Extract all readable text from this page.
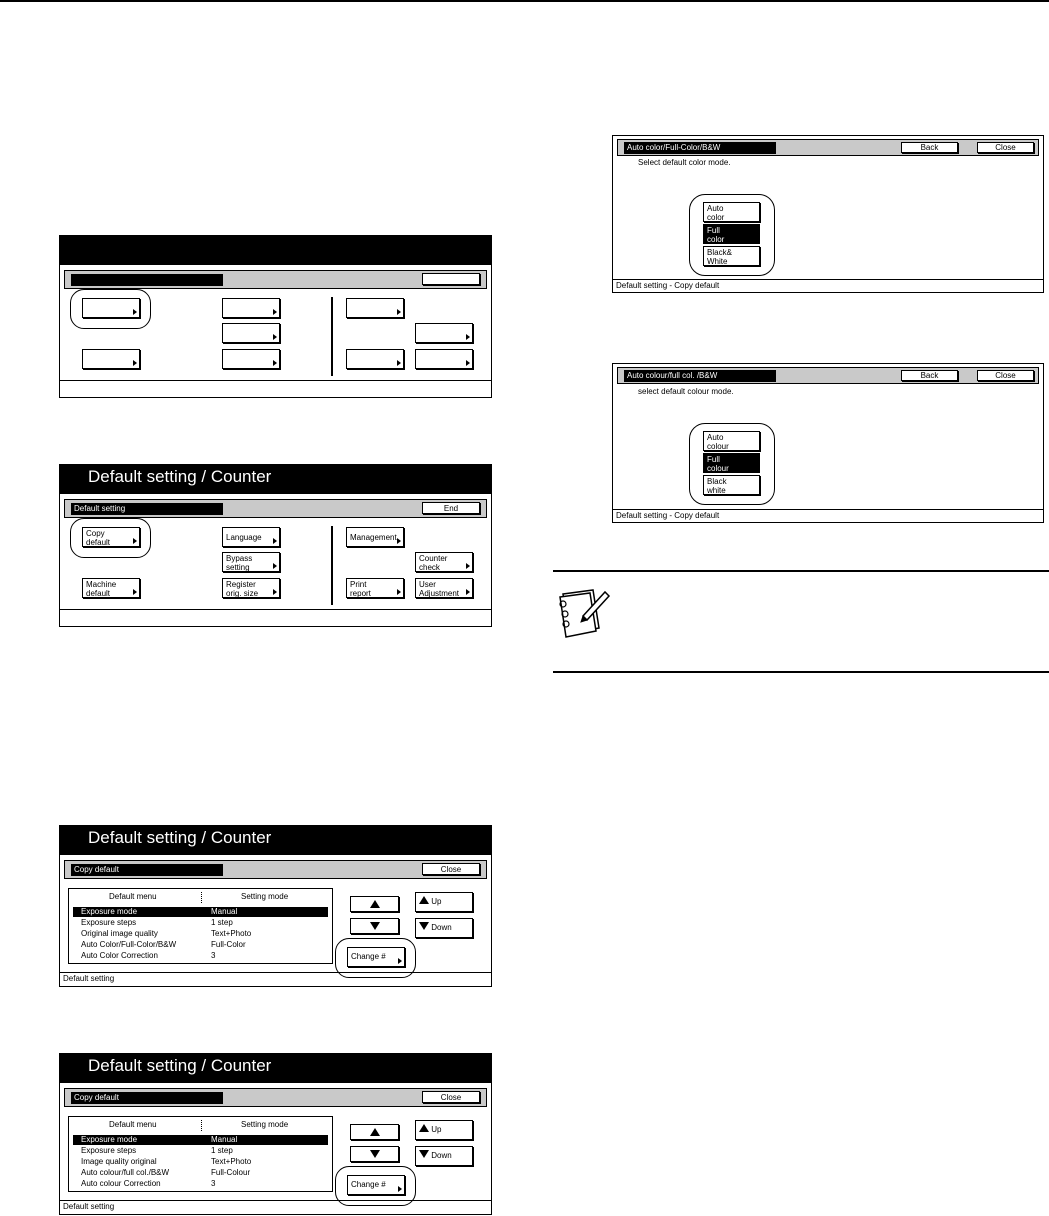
Default setting / Counter
Default setting	End
Copy
default
Machine
default
Language
Bypass
setting
Register
orig. size
Management
Counter
check
Print
report
User
Adjustment
Default setting / Counter
Copy default	Close
Default menu	Setting mode
Exposure mode	Manual
Exposure steps	1 step
Original image quality	Text+Photo
Auto Color/Full-Color/B&W	Full-Color
Auto Color Correction	3
Up
Down
Change #
Default setting
Default setting / Counter
Copy default	Close
Default menu	Setting mode
Exposure mode	Manual
Exposure steps	1 step
Image quality original	Text+Photo
Auto colour/full col./B&W	Full-Colour
Auto colour Correction	3
Up
Down
Change #
Default setting
Auto color/Full-Color/B&W	Back	Close
Select default color mode.
Auto
color
Full
color
Black&
White
Default setting - Copy default
Auto colour/full col. /B&W	Back	Close
select default colour mode.
Auto
colour
Full
colour
Black
white
Default setting - Copy default
